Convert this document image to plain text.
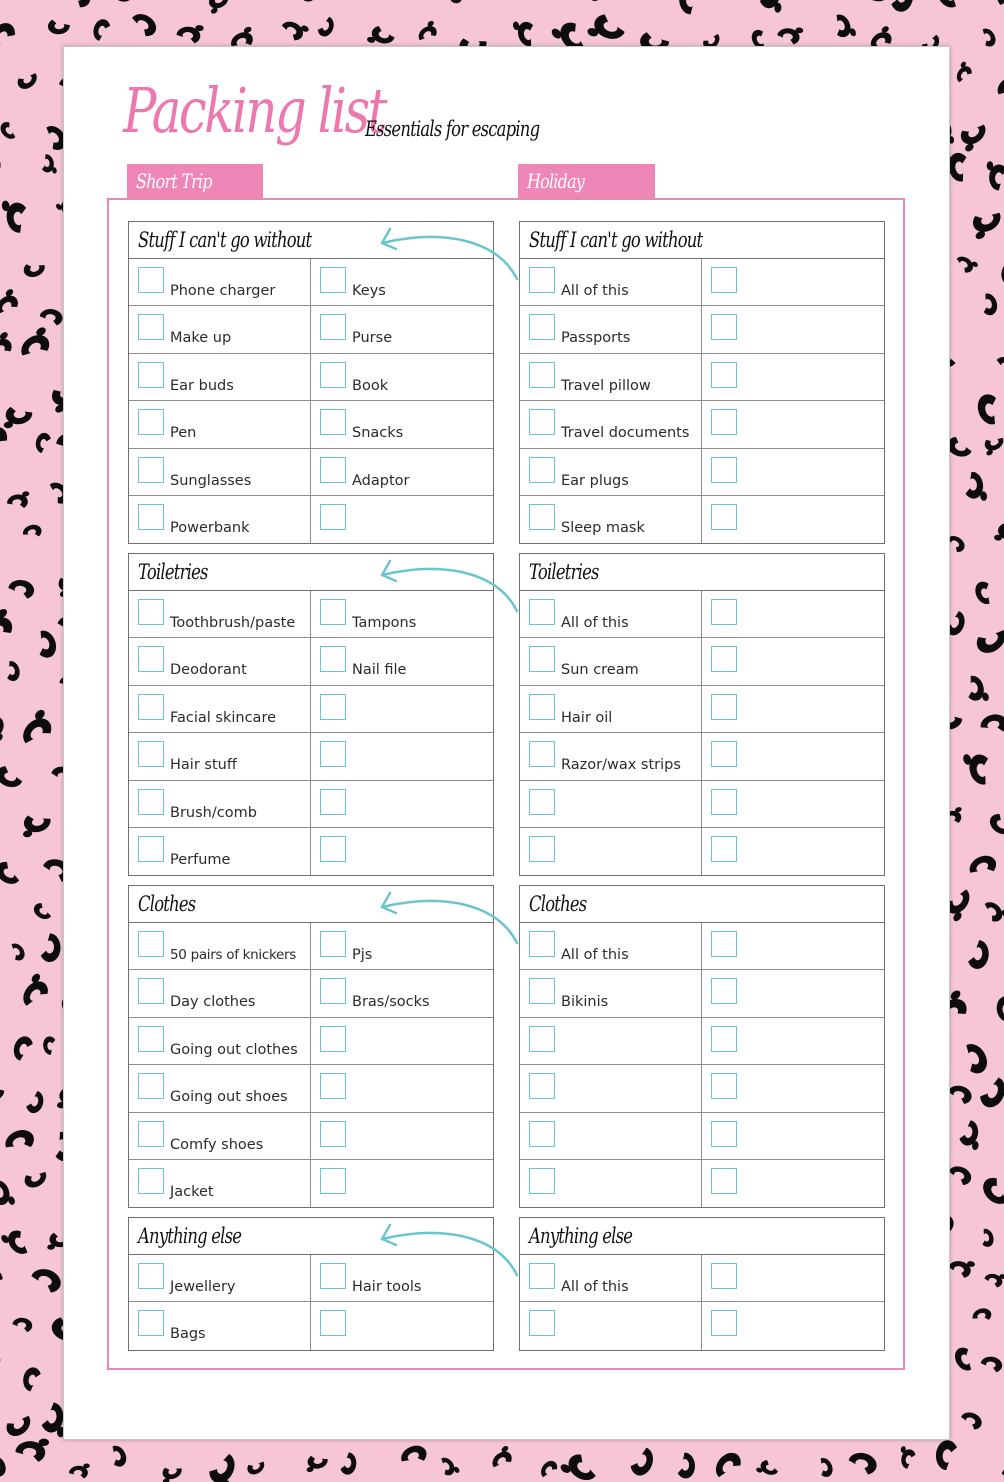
Packing list
Essentials for escaping
Short Trip	Holiday
Stuff I can't go without
Phone charger	Keys
Make up	Purse
Ear buds	Book
Pen	Snacks
Sunglasses	Adaptor
Powerbank
Toiletries
Toothbrush/paste	Tampons
Deodorant	Nail file
Facial skincare
Hair stuff
Brush/comb
Perfume
Clothes
50 pairs of knickers	Pjs
Day clothes	Bras/socks
Going out clothes
Going out shoes
Comfy shoes
Jacket
Anything else
Jewellery	Hair tools
Bags
Stuff I can't go without
All of this
Passports
Travel pillow
Travel documents
Ear plugs
Sleep mask
Toiletries
All of this
Sun cream
Hair oil
Razor/wax strips
Clothes
All of this
Bikinis
Anything else
All of this
